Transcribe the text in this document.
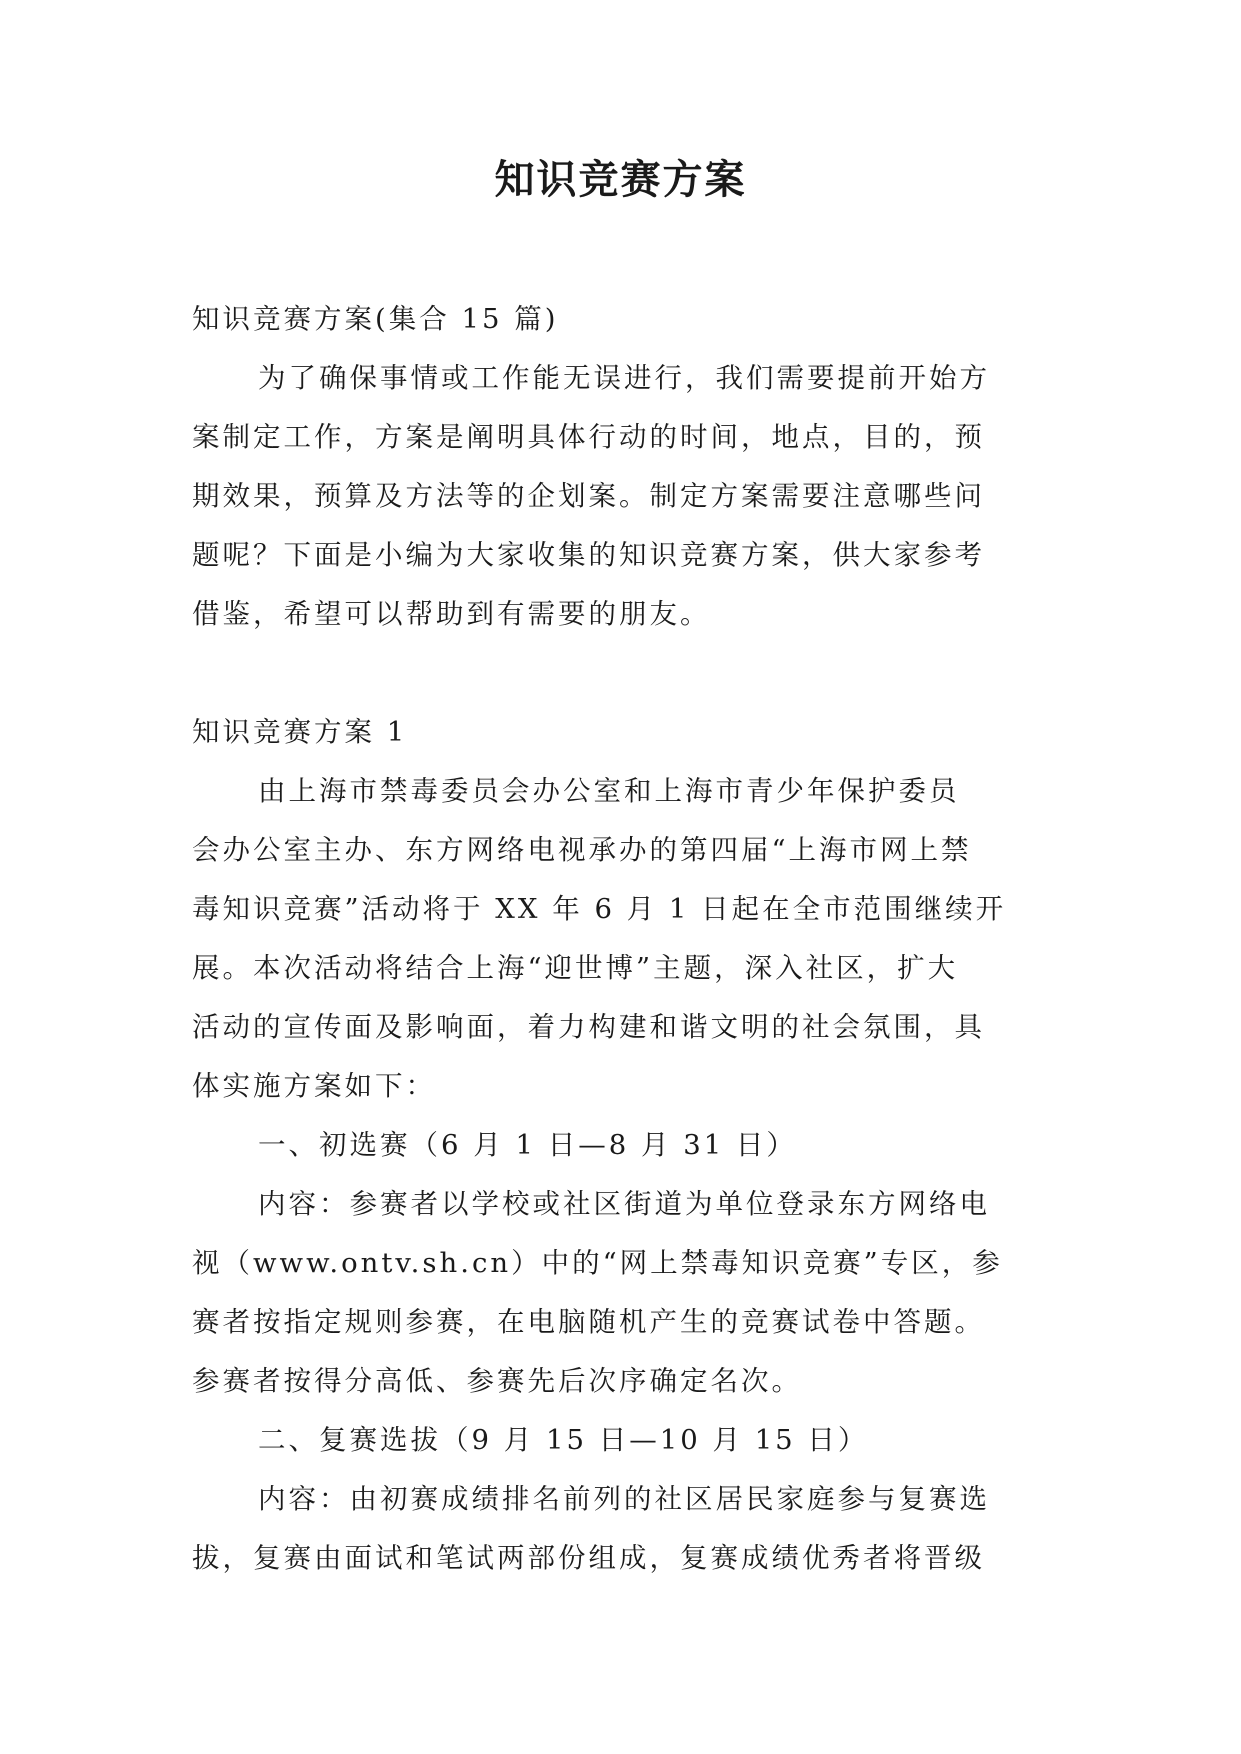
知识竞赛方案
知识竞赛方案(集合 15 篇)
为了确保事情或工作能无误进行，我们需要提前开始方
案制定工作，方案是阐明具体行动的时间，地点，目的，预
期效果，预算及方法等的企划案。制定方案需要注意哪些问
题呢？下面是小编为大家收集的知识竞赛方案，供大家参考
借鉴，希望可以帮助到有需要的朋友。
知识竞赛方案 1
由上海市禁毒委员会办公室和上海市青少年保护委员
会办公室主办、东方网络电视承办的第四届“上海市网上禁
毒知识竞赛”活动将于 XX 年 6 月 1 日起在全市范围继续开
展。本次活动将结合上海“迎世博”主题，深入社区，扩大
活动的宣传面及影响面，着力构建和谐文明的社会氛围，具
体实施方案如下：
一、初选赛（6 月 1 日—8 月 31 日）
内容：参赛者以学校或社区街道为单位登录东方网络电
视（www.ontv.sh.cn）中的“网上禁毒知识竞赛”专区，参
赛者按指定规则参赛，在电脑随机产生的竞赛试卷中答题。
参赛者按得分高低、参赛先后次序确定名次。
二、复赛选拔（9 月 15 日—10 月 15 日）
内容：由初赛成绩排名前列的社区居民家庭参与复赛选
拔，复赛由面试和笔试两部份组成，复赛成绩优秀者将晋级
